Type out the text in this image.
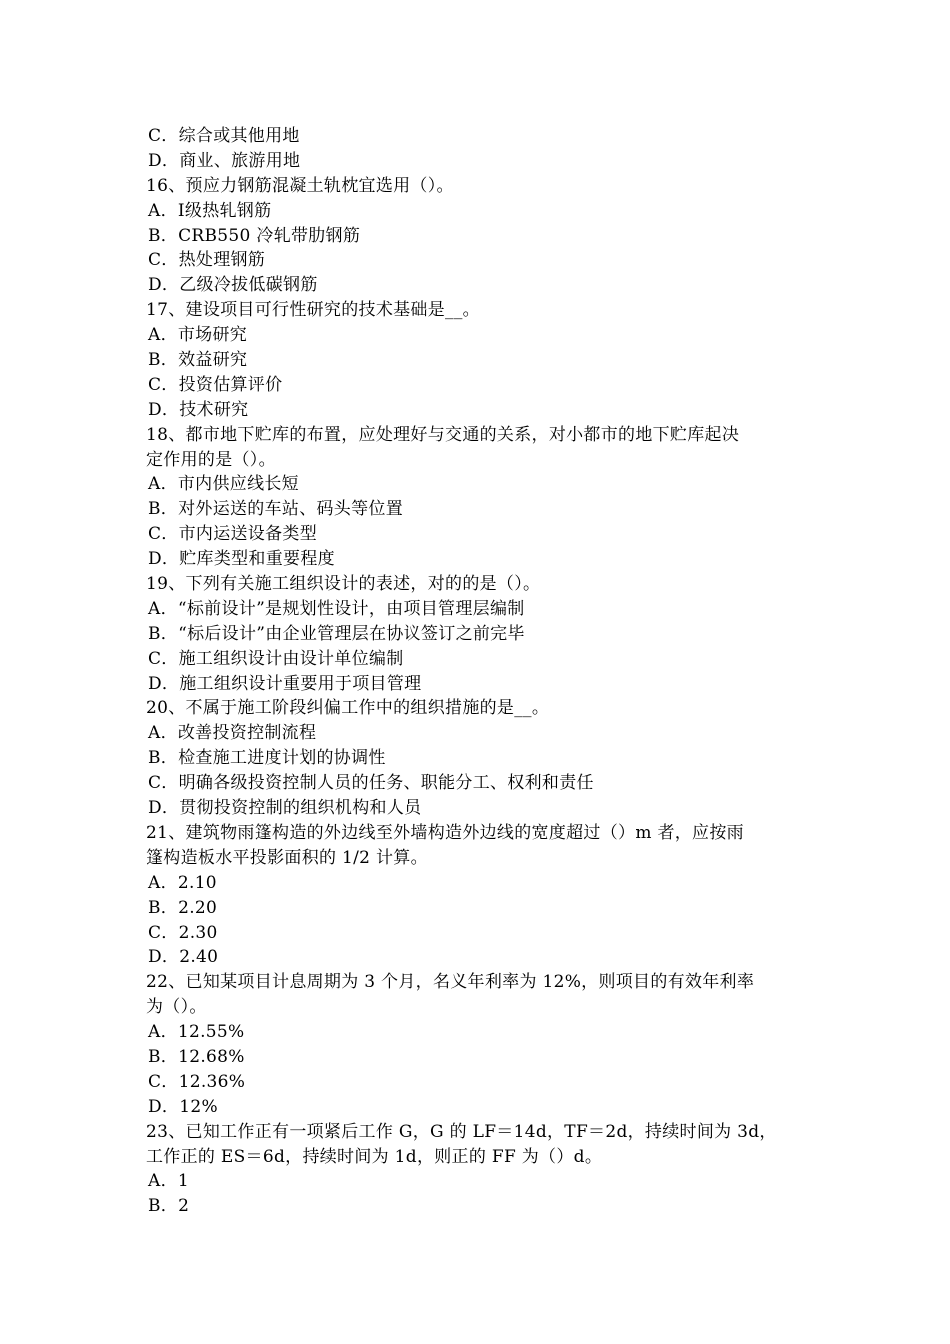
C．综合或其他用地
D．商业、旅游用地
16、预应力钢筋混凝土轨枕宜选用（）。
A．Ⅰ级热轧钢筋
B．CRB550 冷轧带肋钢筋
C．热处理钢筋
D．乙级冷拔低碳钢筋
17、建设项目可行性研究的技术基础是__。
A．市场研究
B．效益研究
C．投资估算评价
D．技术研究
18、都市地下贮库的布置，应处理好与交通的关系，对小都市的地下贮库起决
定作用的是（）。
A．市内供应线长短
B．对外运送的车站、码头等位置
C．市内运送设备类型
D．贮库类型和重要程度
19、下列有关施工组织设计的表述，对的的是（）。
A．“标前设计”是规划性设计，由项目管理层编制
B．“标后设计”由企业管理层在协议签订之前完毕
C．施工组织设计由设计单位编制
D．施工组织设计重要用于项目管理
20、不属于施工阶段纠偏工作中的组织措施的是__。
A．改善投资控制流程
B．检查施工进度计划的协调性
C．明确各级投资控制人员的任务、职能分工、权利和责任
D．贯彻投资控制的组织机构和人员
21、建筑物雨篷构造的外边线至外墙构造外边线的宽度超过（）m 者，应按雨
篷构造板水平投影面积的 1/2 计算。
A．2.10
B．2.20
C．2.30
D．2.40
22、已知某项目计息周期为 3 个月，名义年利率为 12%，则项目的有效年利率
为（）。
A．12.55%
B．12.68%
C．12.36%
D．12%
23、已知工作正有一项紧后工作 G，G 的 LF＝14d，TF＝2d，持续时间为 3d，
工作正的 ES＝6d，持续时间为 1d，则正的 FF 为（）d。
A．1
B．2
